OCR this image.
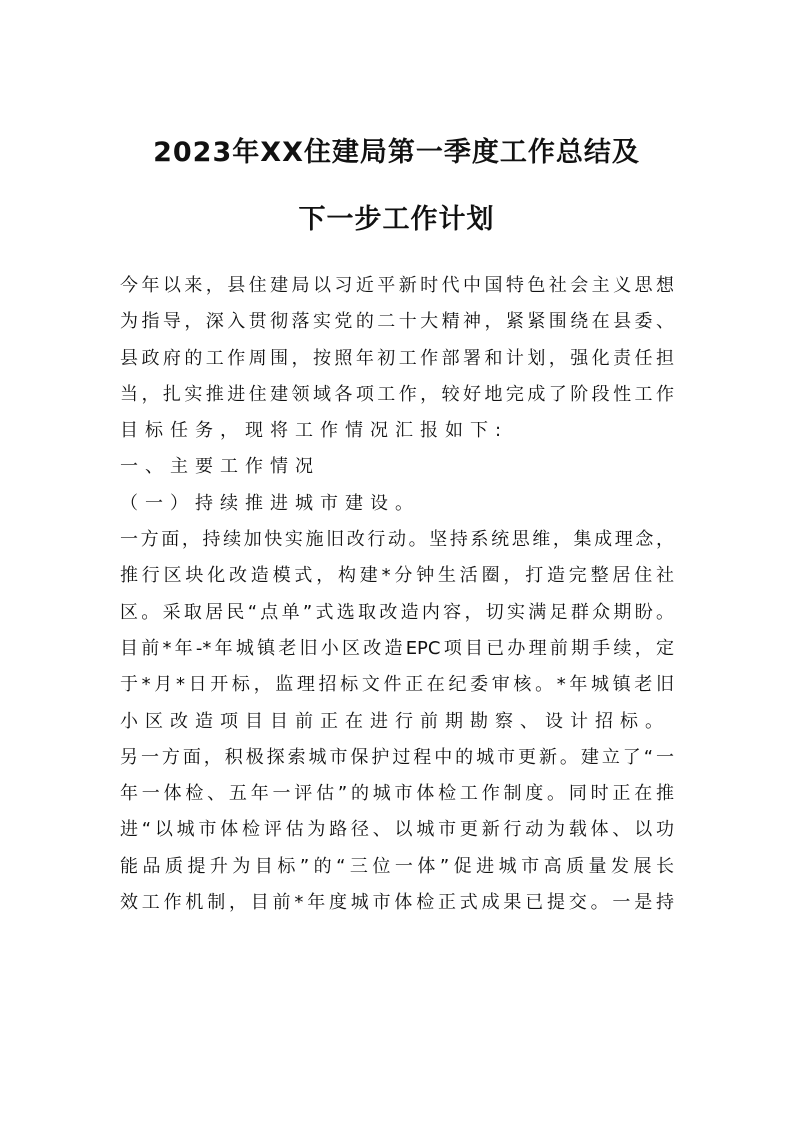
2023年XX住建局第一季度工作总结及
下一步工作计划
今年以来，县住建局以习近平新时代中国特色社会主义思想
为指导，深入贯彻落实党的二十大精神，紧紧围绕在县委、
县政府的工作周围，按照年初工作部署和计划，强化责任担
当，扎实推进住建领域各项工作，较好地完成了阶段性工作
目标任务，现将工作情况汇报如下:
一、主要工作情况
（一）持续推进城市建设。
一方面，持续加快实施旧改行动。坚持系统思维，集成理念，
推行区块化改造模式，构建*分钟生活圈，打造完整居住社
区。采取居民“点单”式选取改造内容，切实满足群众期盼。
目前*年-*年城镇老旧小区改造EPC项目已办理前期手续，定
于*月*日开标，监理招标文件正在纪委审核。*年城镇老旧
小区改造项目目前正在进行前期勘察、设计招标。
另一方面，积极探索城市保护过程中的城市更新。建立了“一
年一体检、五年一评估”的城市体检工作制度。同时正在推
进“以城市体检评估为路径、以城市更新行动为载体、以功
能品质提升为目标”的“三位一体”促进城市高质量发展长
效工作机制，目前*年度城市体检正式成果已提交。一是持
